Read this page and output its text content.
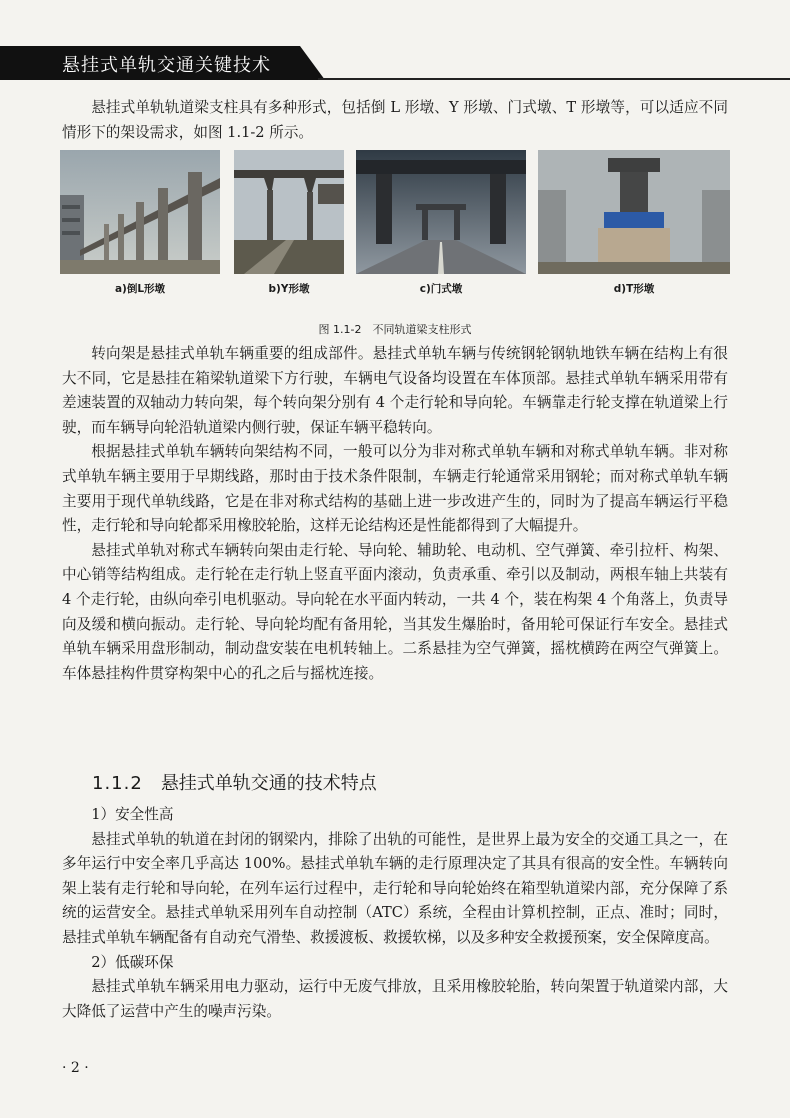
悬挂式单轨交通关键技术

悬挂式单轨轨道梁支柱具有多种形式，包括倒 L 形墩、Y 形墩、门式墩、T 形墩等，可以适应不同情形下的架设需求，如图 1.1-2 所示。

a)倒L形墩	b)Y形墩	c)门式墩	d)T形墩
图 1.1-2　不同轨道梁支柱形式

转向架是悬挂式单轨车辆重要的组成部件。悬挂式单轨车辆与传统钢轮钢轨地铁车辆在结构上有很大不同，它是悬挂在箱梁轨道梁下方行驶，车辆电气设备均设置在车体顶部。悬挂式单轨车辆采用带有差速装置的双轴动力转向架，每个转向架分别有 4 个走行轮和导向轮。车辆靠走行轮支撑在轨道梁上行驶，而车辆导向轮沿轨道梁内侧行驶，保证车辆平稳转向。

根据悬挂式单轨车辆转向架结构不同，一般可以分为非对称式单轨车辆和对称式单轨车辆。非对称式单轨车辆主要用于早期线路，那时由于技术条件限制，车辆走行轮通常采用钢轮；而对称式单轨车辆主要用于现代单轨线路，它是在非对称式结构的基础上进一步改进产生的，同时为了提高车辆运行平稳性，走行轮和导向轮都采用橡胶轮胎，这样无论结构还是性能都得到了大幅提升。

悬挂式单轨对称式车辆转向架由走行轮、导向轮、辅助轮、电动机、空气弹簧、牵引拉杆、构架、中心销等结构组成。走行轮在走行轨上竖直平面内滚动，负责承重、牵引以及制动，两根车轴上共装有 4 个走行轮，由纵向牵引电机驱动。导向轮在水平面内转动，一共 4 个，装在构架 4 个角落上，负责导向及缓和横向振动。走行轮、导向轮均配有备用轮，当其发生爆胎时，备用轮可保证行车安全。悬挂式单轨车辆采用盘形制动，制动盘安装在电机转轴上。二系悬挂为空气弹簧，摇枕横跨在两空气弹簧上。车体悬挂构件贯穿构架中心的孔之后与摇枕连接。

1.1.2 悬挂式单轨交通的技术特点

1）安全性高

悬挂式单轨的轨道在封闭的钢梁内，排除了出轨的可能性，是世界上最为安全的交通工具之一，在多年运行中安全率几乎高达 100%。悬挂式单轨车辆的走行原理决定了其具有很高的安全性。车辆转向架上装有走行轮和导向轮，在列车运行过程中，走行轮和导向轮始终在箱型轨道梁内部，充分保障了系统的运营安全。悬挂式单轨采用列车自动控制（ATC）系统，全程由计算机控制，正点、准时；同时，悬挂式单轨车辆配备有自动充气滑垫、救援渡板、救援软梯，以及多种安全救援预案，安全保障度高。

2）低碳环保

悬挂式单轨车辆采用电力驱动，运行中无废气排放，且采用橡胶轮胎，转向架置于轨道梁内部，大大降低了运营中产生的噪声污染。

· 2 ·
